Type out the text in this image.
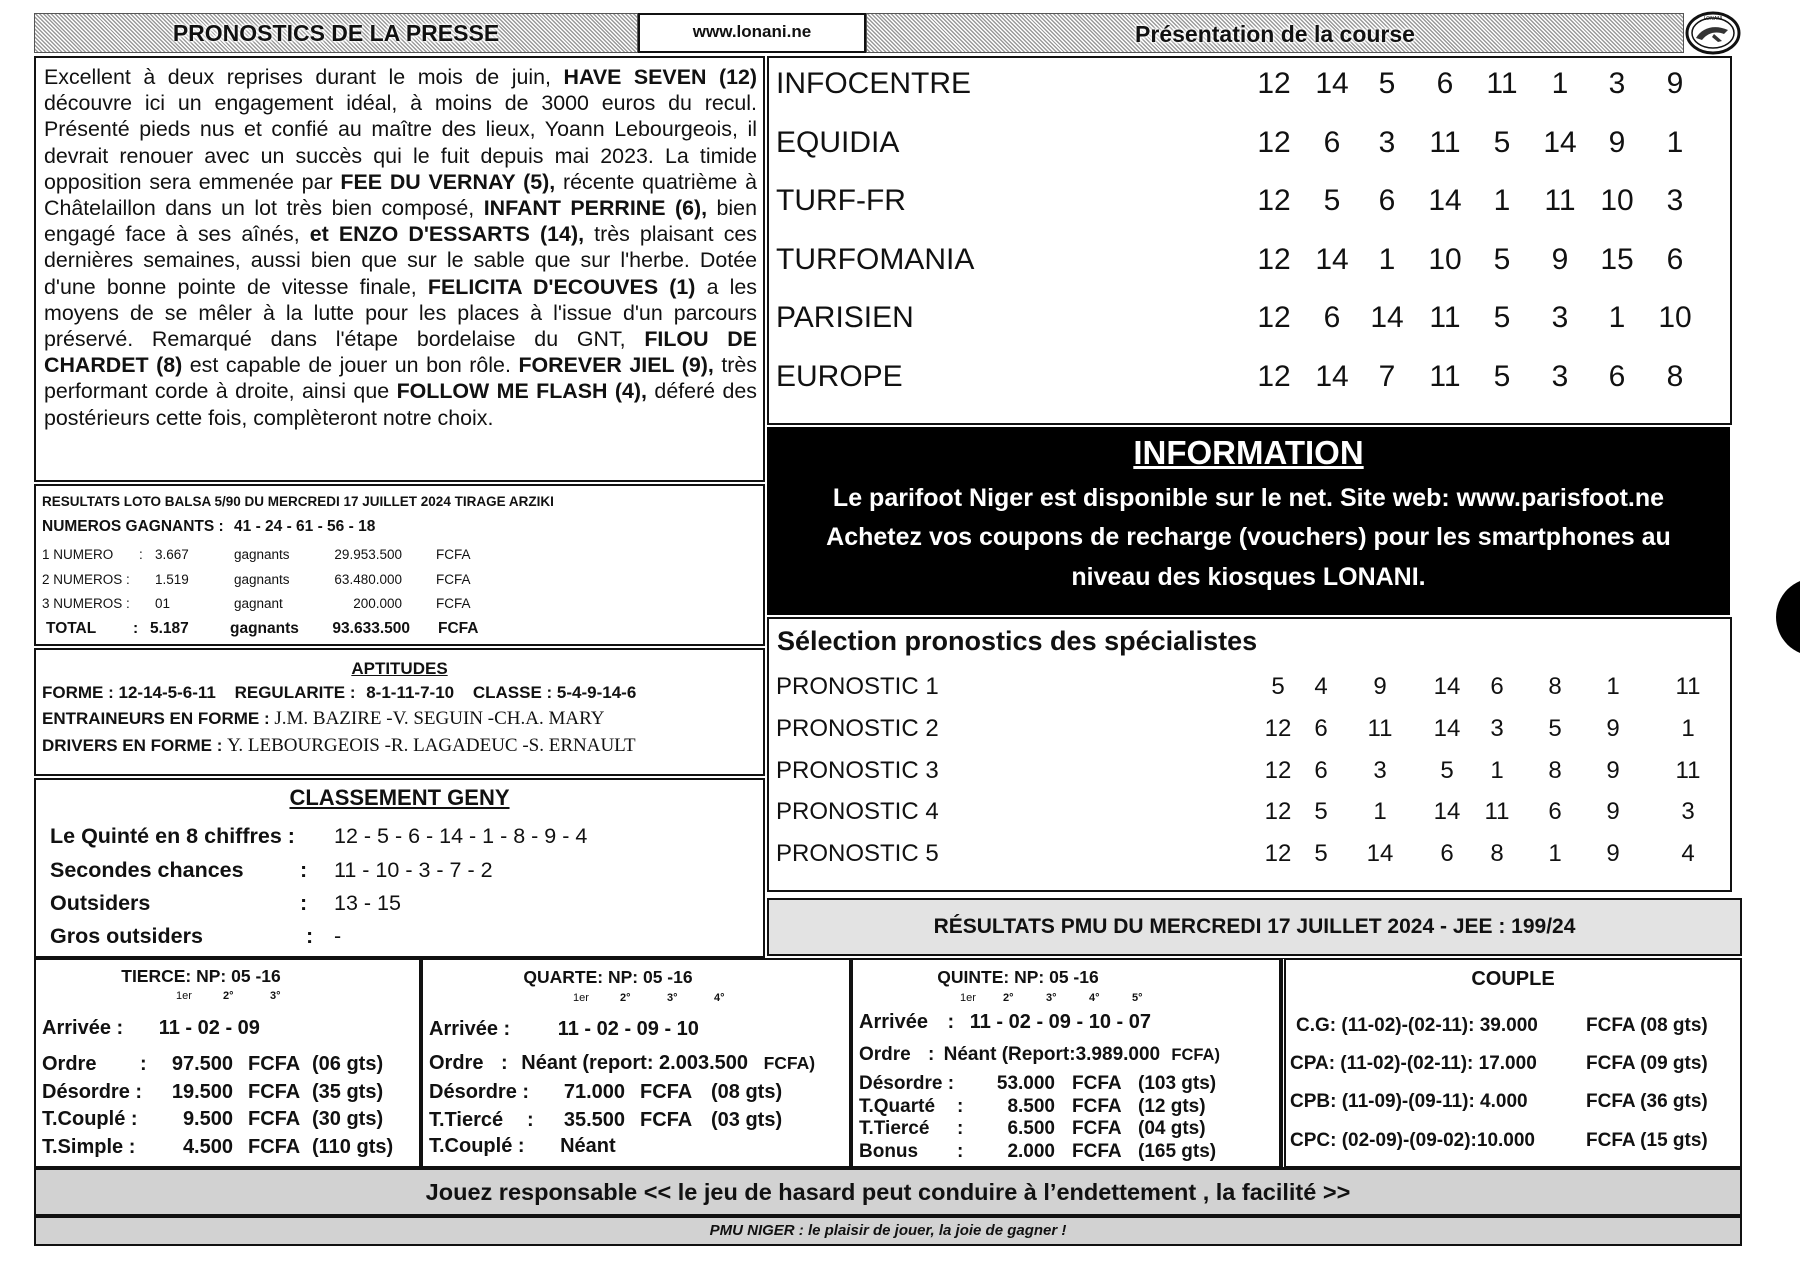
PRONOSTICS DE LA PRESSE	www.lonani.ne	Présentation de la course
LONANI
Excellent à deux reprises durant le mois de juin, HAVE SEVEN (12) découvre ici un engagement idéal, à moins de 3000 euros du recul. Présenté pieds nus et confié au maître des lieux, Yoann Lebourgeois, il devrait renouer avec un succès qui le fuit depuis mai 2023. La timide opposition sera emmenée par FEE DU VERNAY (5), récente quatrième à Châtelaillon dans un lot très bien composé, INFANT PERRINE (6), bien engagé face à ses aînés, et ENZO D'ESSARTS (14), très plaisant ces dernières semaines, aussi bien que sur le sable que sur l'herbe. Dotée d'une bonne pointe de vitesse finale, FELICITA D'ECOUVES (1) a les moyens de se mêler à la lutte pour les places à l'issue d'un parcours préservé. Remarqué dans l'étape bordelaise du GNT, FILOU DE CHARDET (8) est capable de jouer un bon rôle. FOREVER JIEL (9), très performant corde à droite, ainsi que FOLLOW ME FLASH (4), déferé des postérieurs cette fois, complèteront notre choix.
INFOCENTRE	12 14 5 6 11 1 3 9
EQUIDIA	12 6 3 11 5 14 9 1
TURF-FR	12 5 6 14 1 11 10 3
TURFOMANIA	12 14 1 10 5 9 15 6
PARISIEN	12 6 14 11 5 3 1 10
EUROPE	12 14 7 11 5 3 6 8
INFORMATION
Le parifoot Niger est disponible sur le net. Site web: www.parisfoot.ne
Achetez vos coupons de recharge (vouchers) pour les smartphones au
niveau des kiosques LONANI.
RESULTATS LOTO BALSA 5/90 DU MERCREDI 17 JUILLET 2024 TIRAGE ARZIKI
NUMEROS GAGNANTS : 41 - 24 - 61 - 56 - 18
1 NUMERO : 3.667	gagnants	29.953.500	FCFA
2 NUMEROS : 1.519	gagnants	63.480.000	FCFA
3 NUMEROS : 01	gagnant	200.000	FCFA
TOTAL : 5.187	gagnants 93.633.500 FCFA
APTITUDES
FORME : 12-14-5-6-11 REGULARITE : 8-1-11-7-10 CLASSE : 5-4-9-14-6
ENTRAINEURS EN FORME : J.M. BAZIRE -V. SEGUIN -CH.A. MARY
DRIVERS EN FORME : Y. LEBOURGEOIS -R. LAGADEUC -S. ERNAULT
Sélection pronostics des spécialistes
PRONOSTIC 1	5 4 9 14 6 8 1 11
PRONOSTIC 2	12 6 11 14 3 5 9	1
PRONOSTIC 3	12 6 3 5 1 8 9 11
PRONOSTIC 4	12 5 1 14 11 6 9	3
PRONOSTIC 5	12 5 14 6 8 1 9	4
CLASSEMENT GENY
Le Quinté en 8 chiffres : 12 - 5 - 6 - 14 - 1 - 8 - 9 - 4
Secondes chances	: 11 - 10 - 3 - 7 - 2
Outsiders	: 13 - 15
Gros outsiders	: -	RÉSULTATS PMU DU MERCREDI 17 JUILLET 2024 - JEE : 199/24
TIERCE: NP: 05 -16
1er	2°	3°
Arrivée : 11 - 02 - 09
Ordre : 97.500 FCFA (06 gts)
Désordre : 19.500 FCFA (35 gts)
T.Couplé : 9.500 FCFA (30 gts)
T.Simple : 4.500 FCFA (110 gts)
QUARTE: NP: 05 -16
1er	2°	3°	4°
Arrivée : 11 - 02 - 09 - 10
Ordre : Néant (report: 2.003.500 FCFA)
Désordre : 71.000 FCFA (08 gts)
T.Tiercé : 35.500 FCFA (03 gts)
T.Couplé : Néant
QUINTE: NP: 05 -16
1er 2°	3°	4°	5°
Arrivée : 11 - 02 - 09 - 10 - 07
Ordre : Néant (Report:3.989.000 FCFA)
Désordre : 53.000 FCFA (103 gts)
T.Quarté : 8.500 FCFA (12 gts)
T.Tiercé : 6.500 FCFA (04 gts)
Bonus : 2.000 FCFA (165 gts)
COUPLE
C.G: (11-02)-(02-11): 39.000	FCFA (08 gts)
CPA: (11-02)-(02-11): 17.000	FCFA (09 gts)
CPB: (11-09)-(09-11): 4.000	FCFA (36 gts)
CPC: (02-09)-(09-02):10.000	FCFA (15 gts)
Jouez responsable << le jeu de hasard peut conduire à l’endettement , la facilité >>
PMU NIGER : le plaisir de jouer, la joie de gagner !
